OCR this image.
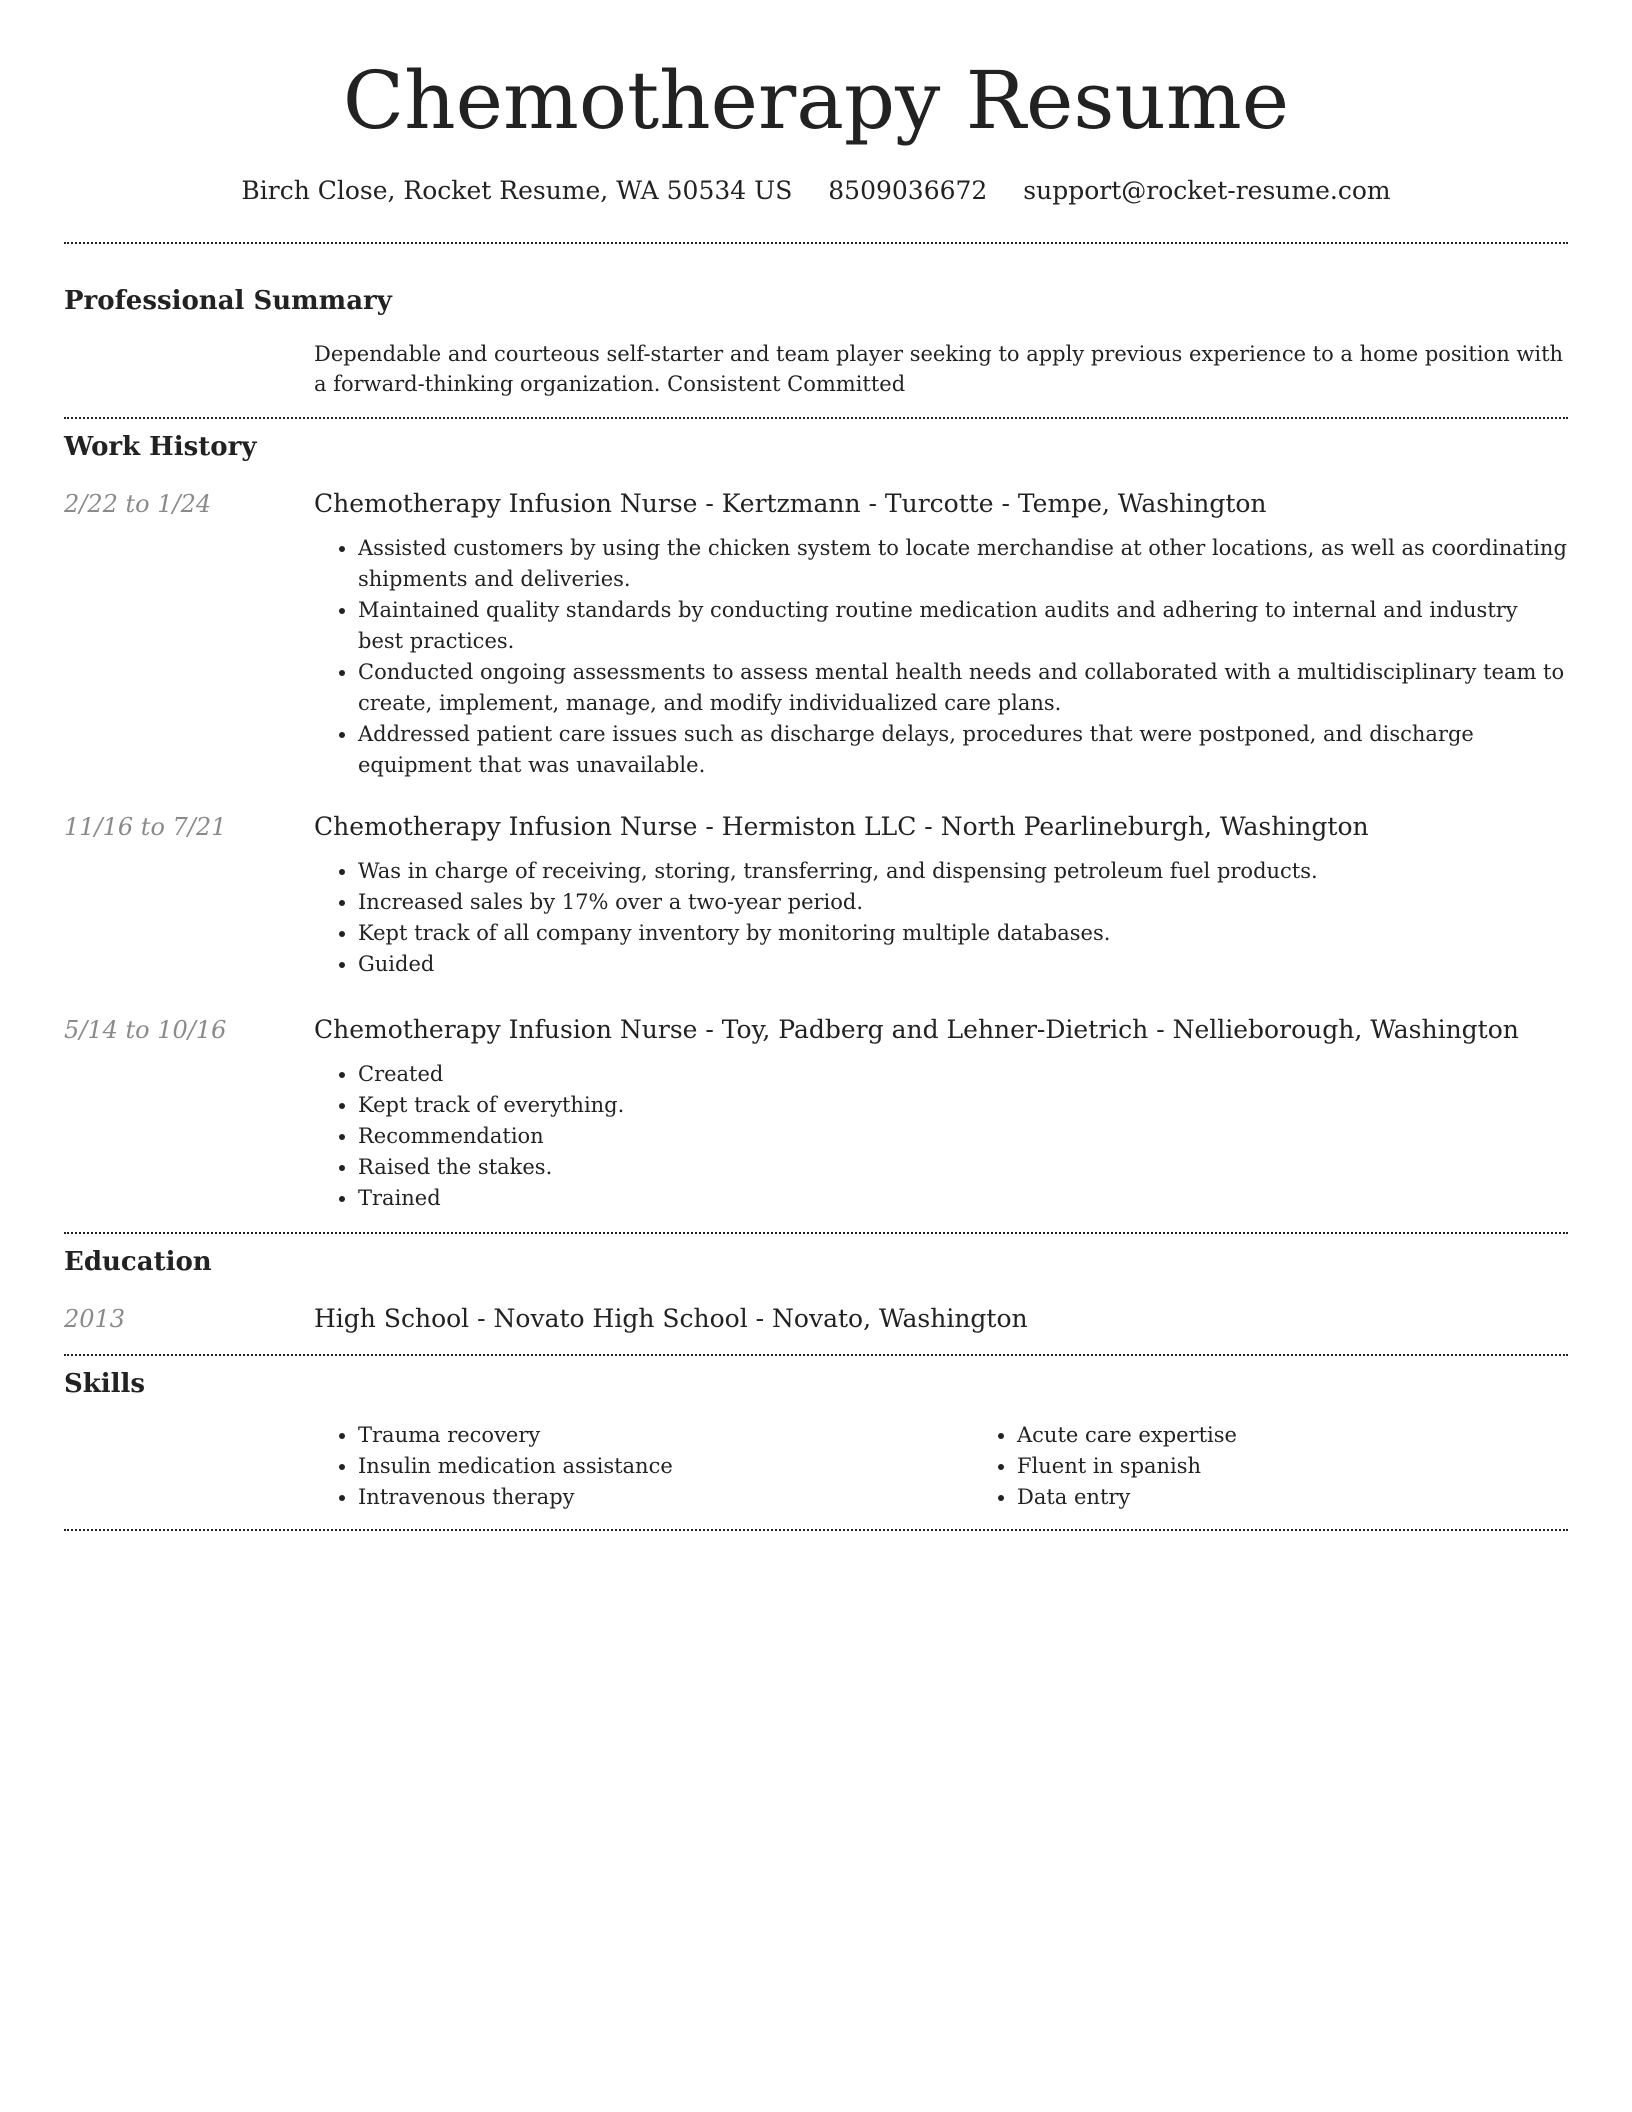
Chemotherapy Resume
Birch Close, Rocket Resume, WA 50534 US 8509036672 support@rocket-resume.com
Professional Summary
Dependable and courteous self-starter and team player seeking to apply previous experience to a home position with a forward-thinking organization. Consistent Committed
Work History
2/22 to 1/24	Chemotherapy Infusion Nurse - Kertzmann - Turcotte - Tempe, Washington
• Assisted customers by using the chicken system to locate merchandise at other locations, as well as coordinating shipments and deliveries.
• Maintained quality standards by conducting routine medication audits and adhering to internal and industry best practices.
• Conducted ongoing assessments to assess mental health needs and collaborated with a multidisciplinary team to create, implement, manage, and modify individualized care plans.
• Addressed patient care issues such as discharge delays, procedures that were postponed, and discharge equipment that was unavailable.
11/16 to 7/21	Chemotherapy Infusion Nurse - Hermiston LLC - North Pearlineburgh, Washington
• Was in charge of receiving, storing, transferring, and dispensing petroleum fuel products.
• Increased sales by 17% over a two-year period.
• Kept track of all company inventory by monitoring multiple databases.
• Guided
5/14 to 10/16	Chemotherapy Infusion Nurse - Toy, Padberg and Lehner-Dietrich - Nellieborough, Washington
• Created
• Kept track of everything.
• Recommendation
• Raised the stakes.
• Trained
Education
2013	High School - Novato High School - Novato, Washington
Skills
• Trauma recovery
• Insulin medication assistance
• Intravenous therapy
• Acute care expertise
• Fluent in spanish
• Data entry
